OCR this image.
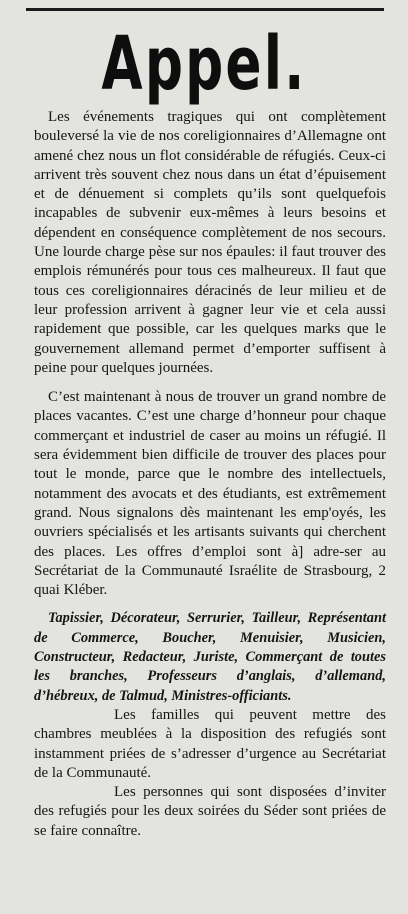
Appel.

Les événements tragiques qui ont complètement bouleversé la vie de nos coreligionnaires d’Allemagne ont amené chez nous un flot considérable de réfugiés. Ceux-ci arrivent très souvent chez nous dans un état d’épuisement et de dénuement si complets qu’ils sont quelquefois incapables de subvenir eux-mêmes à leurs besoins et dépendent en conséquence complètement de nos secours. Une lourde charge pèse sur nos épaules: il faut trouver des emplois rémunérés pour tous ces malheureux. Il faut que tous ces coreligionnaires déracinés de leur milieu et de leur profession arrivent à gagner leur vie et cela aussi rapidement que possible, car les quelques marks que le gouvernement allemand permet d’emporter suffisent à peine pour quelques journées.

C’est maintenant à nous de trouver un grand nombre de places vacantes. C’est une charge d’honneur pour chaque commerçant et industriel de caser au moins un réfugié. Il sera évidemment bien difficile de trouver des places pour tout le monde, parce que le nombre des intellectuels, notamment des avocats et des étudiants, est extrêmement grand. Nous signalons dès maintenant les emp'oyés, les ouvriers spécialisés et les artisants suivants qui cherchent des places. Les offres d’emploi sont à] adre-ser au Secrétariat de la Communauté Israélite de Strasbourg, 2 quai Kléber.

Tapissier, Décorateur, Serrurier, Tailleur, Représentant de Commerce, Boucher, Menuisier, Musicien, Constructeur, Redacteur, Juriste, Commerçant de toutes les branches, Professeurs d’anglais, d’allemand, d’hébreux, de Talmud, Ministres-officiants.

Les familles qui peuvent mettre des chambres meublées à la disposition des refugiés sont instamment priées de s’adresser d’urgence au Secrétariat de la Communauté.

Les personnes qui sont disposées d’inviter des refugiés pour les deux soirées du Séder sont priées de se faire connaître.
